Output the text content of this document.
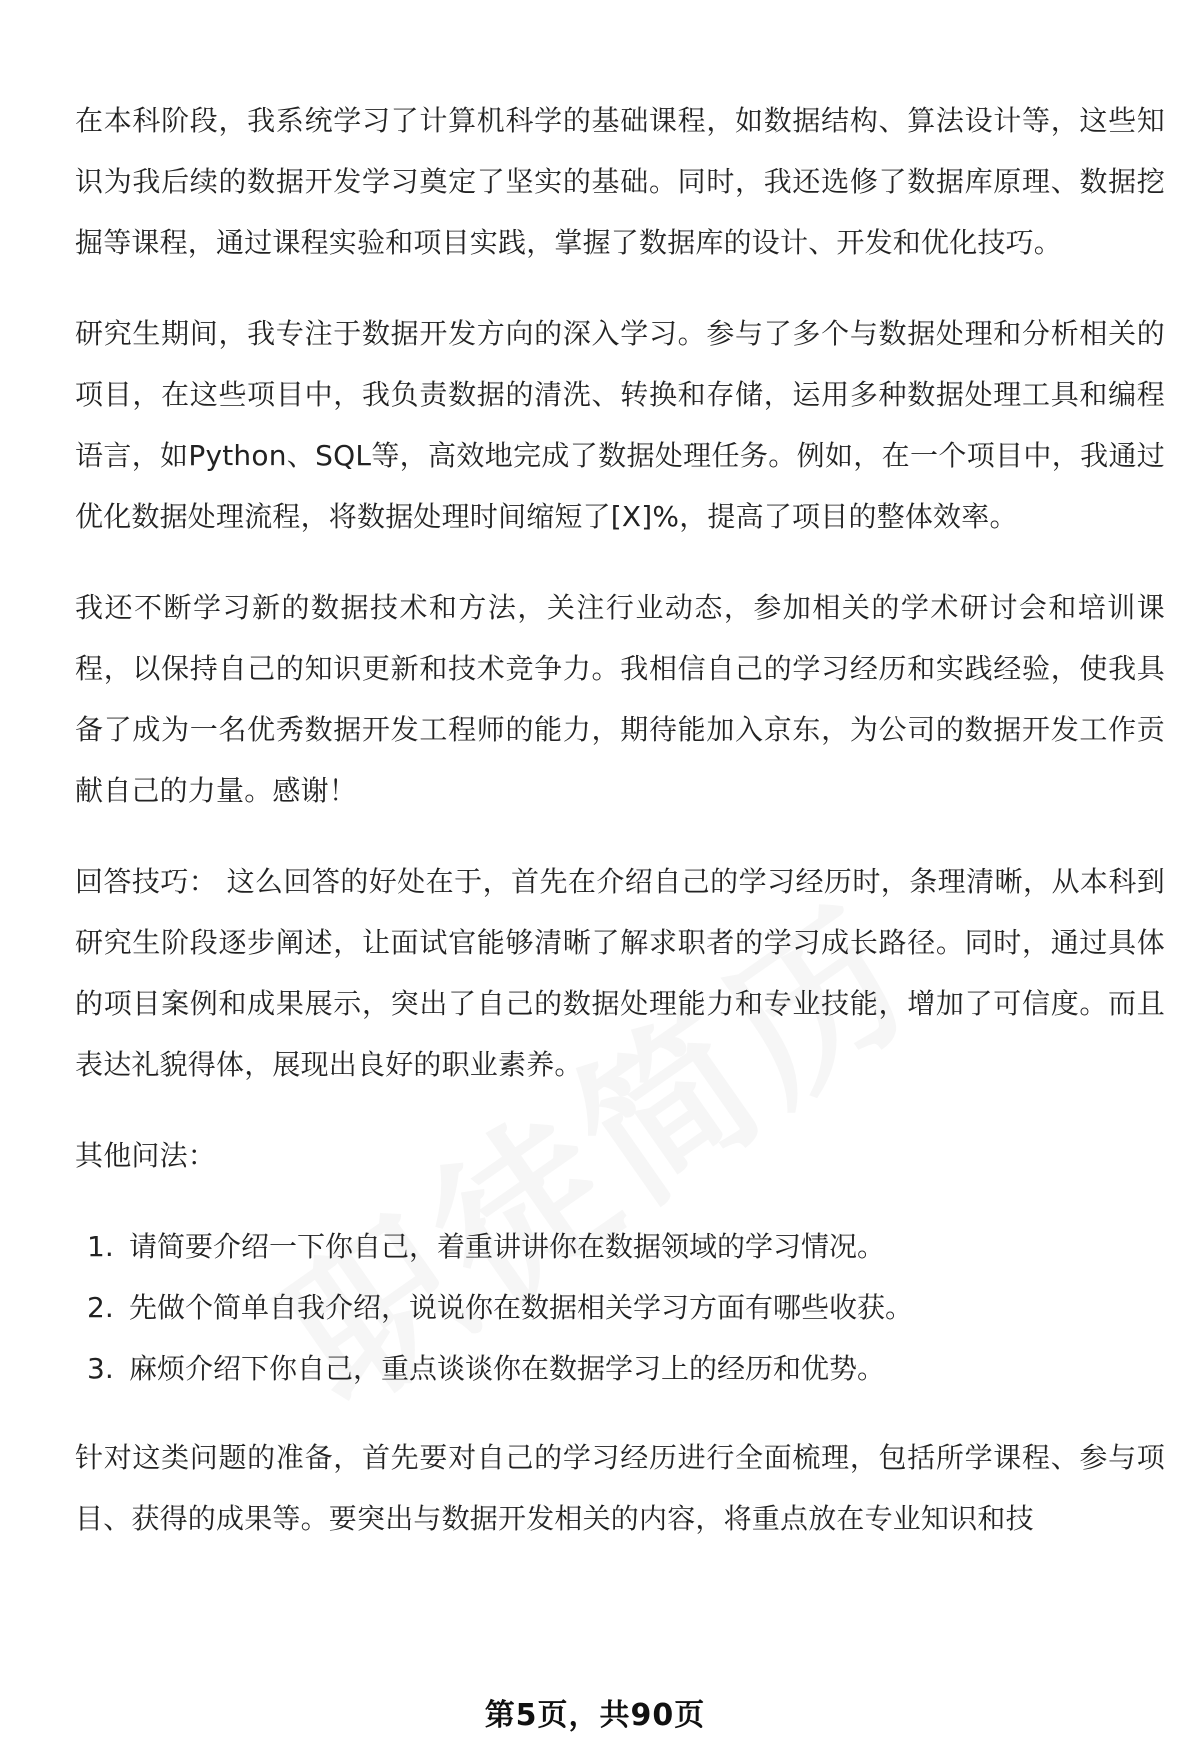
在本科阶段，我系统学习了计算机科学的基础课程，如数据结构、算法设计等，这些知识为我后续的数据开发学习奠定了坚实的基础。同时，我还选修了数据库原理、数据挖掘等课程，通过课程实验和项目实践，掌握了数据库的设计、开发和优化技巧。

研究生期间，我专注于数据开发方向的深入学习。参与了多个与数据处理和分析相关的项目，在这些项目中，我负责数据的清洗、转换和存储，运用多种数据处理工具和编程语言，如Python、SQL等，高效地完成了数据处理任务。例如，在一个项目中，我通过优化数据处理流程，将数据处理时间缩短了[X]%，提高了项目的整体效率。

我还不断学习新的数据技术和方法，关注行业动态，参加相关的学术研讨会和培训课程，以保持自己的知识更新和技术竞争力。我相信自己的学习经历和实践经验，使我具备了成为一名优秀数据开发工程师的能力，期待能加入京东，为公司的数据开发工作贡献自己的力量。感谢！

回答技巧： 这么回答的好处在于，首先在介绍自己的学习经历时，条理清晰，从本科到研究生阶段逐步阐述，让面试官能够清晰了解求职者的学习成长路径。同时，通过具体的项目案例和成果展示，突出了自己的数据处理能力和专业技能，增加了可信度。而且表达礼貌得体，展现出良好的职业素养。

其他问法：

1. 请简要介绍一下你自己，着重讲讲你在数据领域的学习情况。
2. 先做个简单自我介绍，说说你在数据相关学习方面有哪些收获。
3. 麻烦介绍下你自己，重点谈谈你在数据学习上的经历和优势。

针对这类问题的准备，首先要对自己的学习经历进行全面梳理，包括所学课程、参与项目、获得的成果等。要突出与数据开发相关的内容，将重点放在专业知识和技

第5页，共90页
